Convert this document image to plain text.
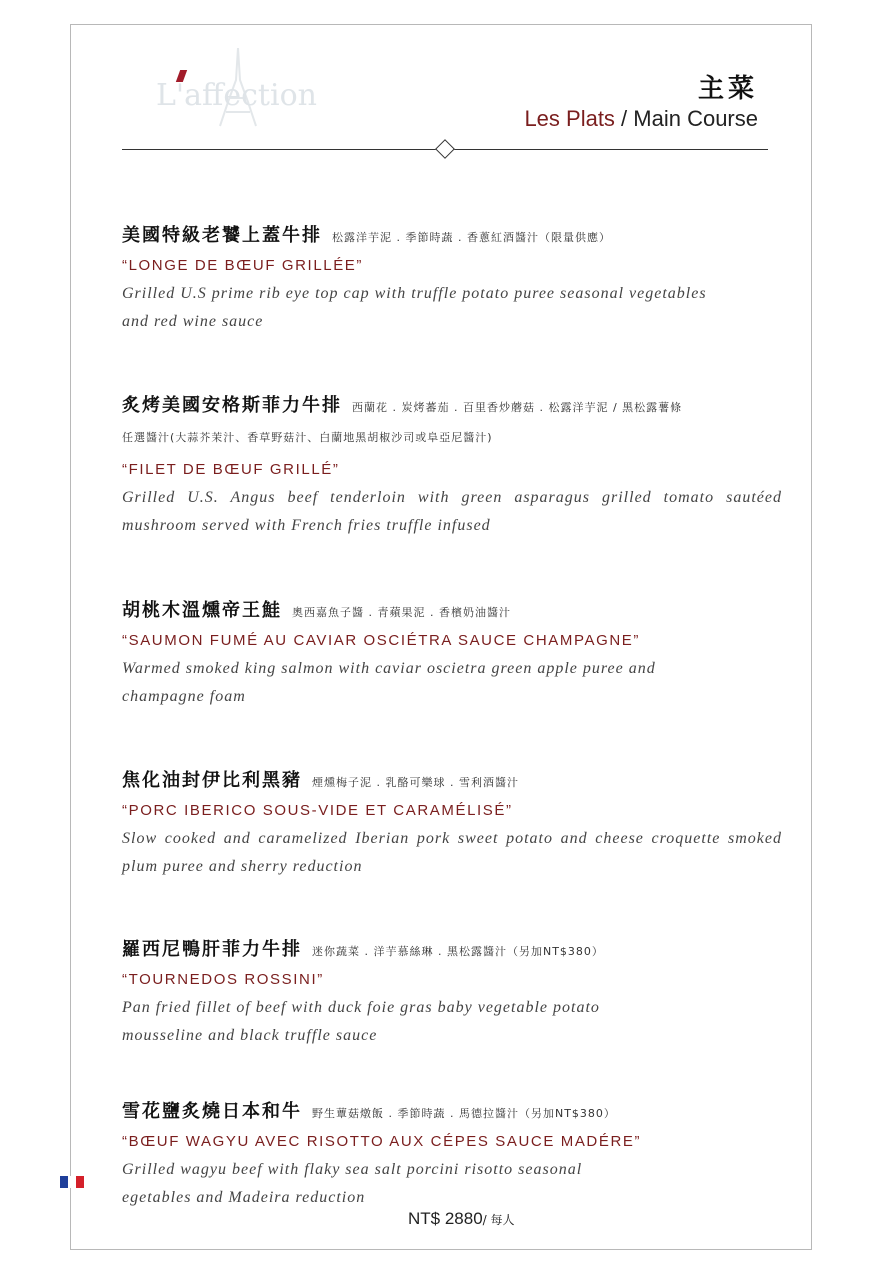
L'affection	主菜
Les Plats / Main Course
美國特級老饕上蓋牛排 松露洋芋泥 . 季節時蔬 . 香蔥紅酒醬汁（限量供應）
“LONGE DE BŒUF GRILLÉE”
Grilled U.S prime rib eye top cap with truffle potato puree seasonal vegetables and red wine sauce
炙烤美國安格斯菲力牛排 西蘭花 . 炭烤蕃茄 . 百里香炒蘑菇 . 松露洋芋泥 / 黑松露薯條
任選醬汁(大蒜芥茉汁、香草野菇汁、白蘭地黑胡椒沙司或阜亞尼醬汁)
“FILET DE BŒUF GRILLÉ”
Grilled U.S. Angus beef tenderloin with green asparagus grilled tomato sautéed mushroom served with French fries truffle infused
胡桃木溫燻帝王鮭 奧西嘉魚子醬 . 青蘋果泥 . 香檳奶油醬汁
“SAUMON FUMÉ AU CAVIAR OSCIÉTRA SAUCE CHAMPAGNE”
Warmed smoked king salmon with caviar oscietra green apple puree and champagne foam
焦化油封伊比利黑豬 煙燻梅子泥 . 乳酪可樂球 . 雪利酒醬汁
“PORC IBERICO SOUS-VIDE ET CARAMÉLISÉ”
Slow cooked and caramelized Iberian pork sweet potato and cheese croquette smoked plum puree and sherry reduction
羅西尼鴨肝菲力牛排 迷你蔬菜 . 洋芋慕絲琳 . 黑松露醬汁（另加NT$380）
“TOURNEDOS ROSSINI”
Pan fried fillet of beef with duck foie gras baby vegetable potato mousseline and black truffle sauce
雪花鹽炙燒日本和牛 野生蕈菇燉飯 . 季節時蔬 . 馬德拉醬汁（另加NT$380）
“BŒUF WAGYU AVEC RISOTTO AUX CÉPES SAUCE MADÉRE”
Grilled wagyu beef with flaky sea salt porcini risotto seasonal egetables and Madeira reduction
NT$ 2880/ 每人
